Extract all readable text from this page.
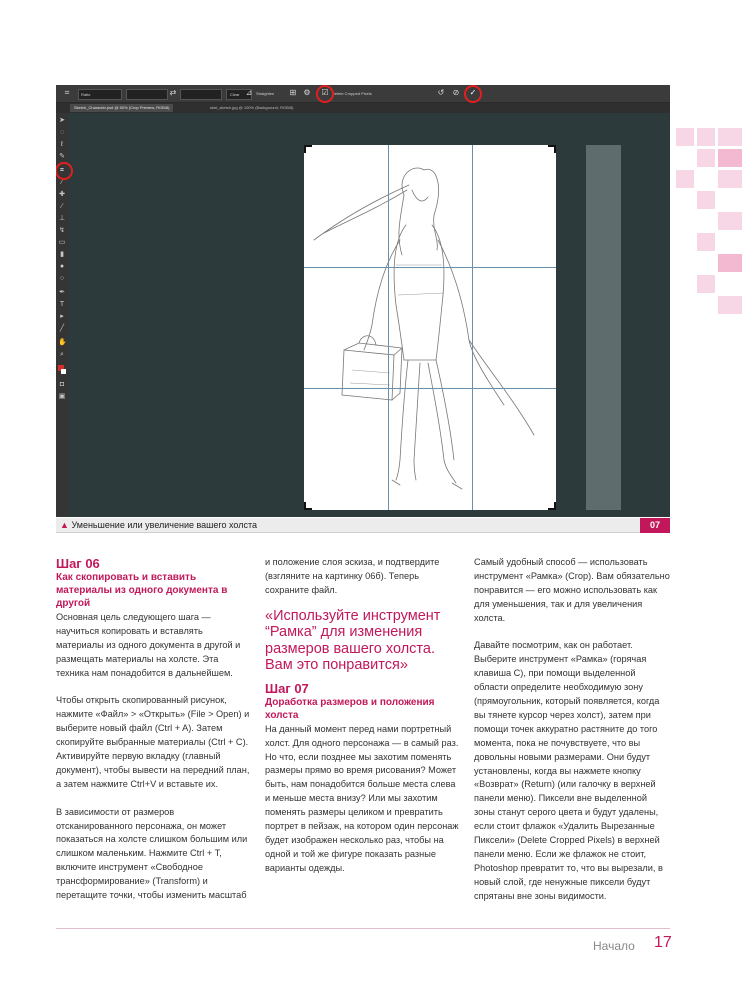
⌗	Ratio	⇄	Clear ⊿ Straighten ⊞ ⚙ ☑ Delete Cropped Pixels	↺ ⊘ ✓
Sketch_Character.psd @ 50% (Crop Preview, RGB/8)	sket_sketch.jpg @ 100% (Background, RGB/8)
➤
◌
ℓ
✎
⌗
⁄
✚
∕
⊥
↯
▭
▮
●
○
✒
T
▸
╱
✋
⌕
◘
▣
▲ Уменьшение или увеличение вашего холста	07
Шаг 06
Как скопировать и вставить материалы из одного документа в другой

Основная цель следующего шага — научиться копировать и вставлять материалы из одного документа в другой и размещать материалы на холсте. Эта техника нам понадобится в дальнейшем.

Чтобы открыть скопированный рисунок, нажмите «Файл» > «Открыть» (File > Open) и выберите новый файл (Ctrl + A). Затем скопируйте выбранные материалы (Ctrl + C). Активируйте первую вкладку (главный документ), чтобы вывести на передний план, а затем нажмите Ctrl+V и вставьте их.

В зависимости от размеров отсканированного персонажа, он может показаться на холсте слишком большим или слишком маленьким. Нажмите Ctrl + T, включите инструмент «Свободное трансформирование» (Transform) и перетащите точки, чтобы изменить масштаб

и положение слоя эскиза, и подтвердите (взгляните на картинку 06б). Теперь сохраните файл.

«Используйте инструмент “Рамка” для изменения размеров вашего холста. Вам это понравится»
Шаг 07
Доработка размеров и положения холста

На данный момент перед нами портретный холст. Для одного персонажа — в самый раз. Но что, если позднее мы захотим поменять размеры прямо во время рисования? Может быть, нам понадобится больше места слева и меньше места внизу? Или мы захотим поменять размеры целиком и превратить портрет в пейзаж, на котором один персонаж будет изображен несколько раз, чтобы на одной и той же фигуре показать разные варианты одежды.

Самый удобный способ — использовать инструмент «Рамка» (Crop). Вам обязательно понравится — его можно использовать как для уменьшения, так и для увеличения холста.

Давайте посмотрим, как он работает. Выберите инструмент «Рамка» (горячая клавиша C), при помощи выделенной области определите необходимую зону (прямоугольник, который появляется, когда вы тянете курсор через холст), затем при помощи точек аккуратно растяните до того момента, пока не почувствуете, что вы довольны новыми размерами. Они будут установлены, когда вы нажмете кнопку «Возврат» (Return) (или галочку в верхней панели меню). Пиксели вне выделенной зоны станут серого цвета и будут удалены, если стоит флажок «Удалить Вырезанные Пиксели» (Delete Cropped Pixels) в верхней панели меню. Если же флажок не стоит, Photoshop превратит то, что вы вырезали, в новый слой, где ненужные пиксели будут спрятаны вне зоны видимости.

Начало 17
